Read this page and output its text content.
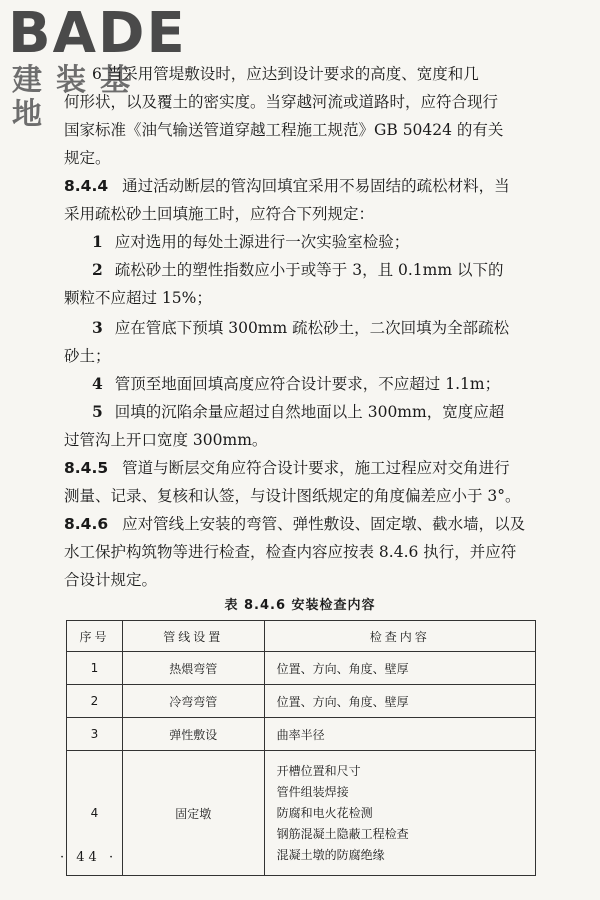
BADE
建装基地
6 当采用管堤敷设时，应达到设计要求的高度、宽度和几
何形状，以及覆土的密实度。当穿越河流或道路时，应符合现行
国家标准《油气输送管道穿越工程施工规范》GB 50424 的有关
规定。
8.4.4 通过活动断层的管沟回填宜采用不易固结的疏松材料，当
采用疏松砂土回填施工时，应符合下列规定：
1 应对选用的每处土源进行一次实验室检验；
2 疏松砂土的塑性指数应小于或等于 3，且 0.1mm 以下的
颗粒不应超过 15%；
3 应在管底下预填 300mm 疏松砂土，二次回填为全部疏松
砂土；
4 管顶至地面回填高度应符合设计要求，不应超过 1.1m；
5 回填的沉陷余量应超过自然地面以上 300mm，宽度应超
过管沟上开口宽度 300mm。
8.4.5 管道与断层交角应符合设计要求，施工过程应对交角进行
测量、记录、复核和认签，与设计图纸规定的角度偏差应小于 3°。
8.4.6 应对管线上安装的弯管、弹性敷设、固定墩、截水墙，以及
水工保护构筑物等进行检查，检查内容应按表 8.4.6 执行，并应符
合设计规定。
表 8.4.6 安装检查内容
序号	管线设置	检查内容
1	热煨弯管	位置、方向、角度、壁厚
2	冷弯弯管	位置、方向、角度、壁厚
3	弹性敷设	曲率半径
4	固定墩	开槽位置和尺寸
管件组装焊接
防腐和电火花检测
钢筋混凝土隐蔽工程检查
混凝土墩的防腐绝缘
· 44 ·
